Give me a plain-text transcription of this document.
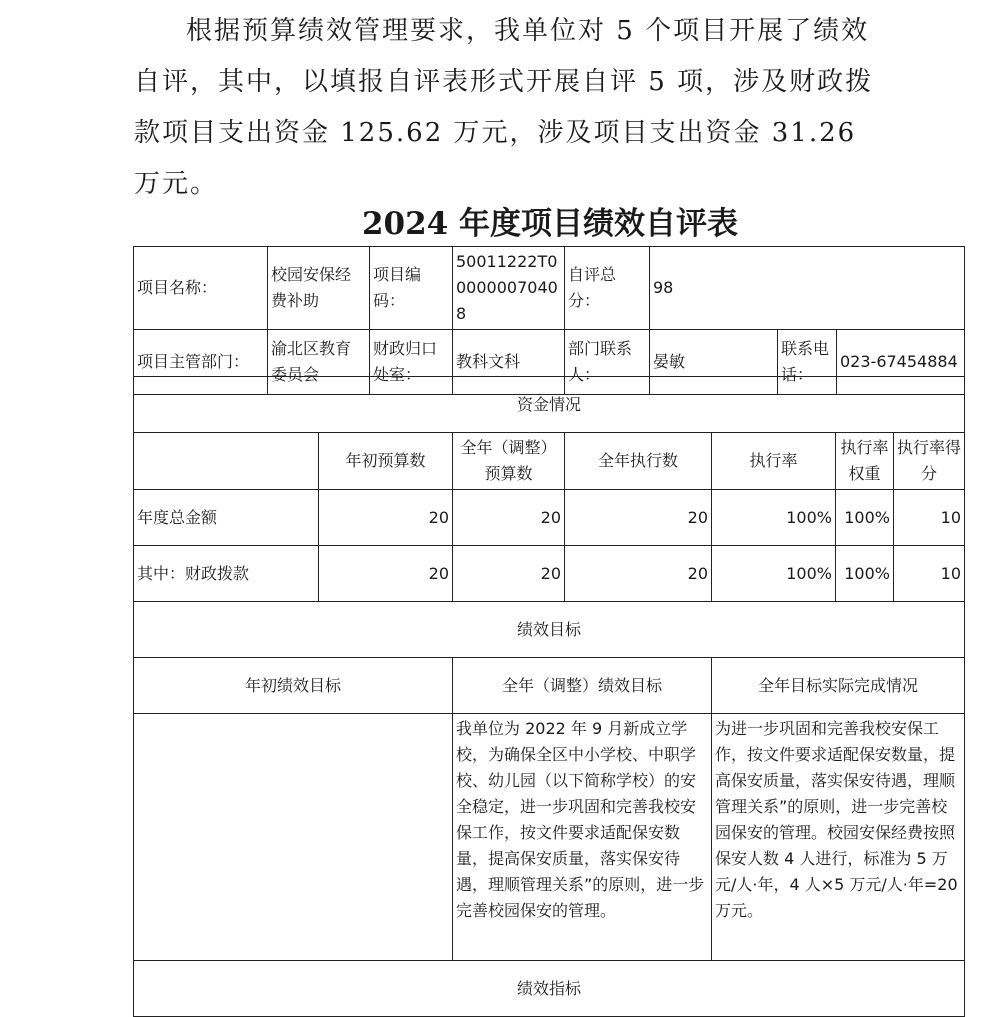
根据预算绩效管理要求，我单位对 5 个项目开展了绩效自评，其中，以填报自评表形式开展自评 5 项，涉及财政拨款项目支出资金 125.62 万元，涉及项目支出资金 31.26 万元。

2024 年度项目绩效自评表
项目名称：	校园安保经费补助	项目编码：	50011222T000000070408	自评总分：	98		
项目主管部门：	渝北区教育委员会	财政归口处室：	教科文科	部门联系人：	晏敏	联系电话：	023-67454884
资金情况						
	年初预算数	全年（调整）预算数	全年执行数	执行率	执行率权重	执行率得分
年度总金额	20	20	20	100%	100%	10
其中：财政拨款	20	20	20	100%	100%	10
绩效目标						
年初绩效目标		全年（调整）绩效目标		全年目标实际完成情况		
		我单位为 2022 年 9 月新成立学校，为确保全区中小学校、中职学校、幼儿园（以下简称学校）的安全稳定，进一步巩固和完善我校安保工作，按文件要求适配保安数量，提高保安质量，落实保安待遇，理顺管理关系”的原则，进一步完善校园保安的管理。		为进一步巩固和完善我校安保工作，按文件要求适配保安数量，提高保安质量，落实保安待遇，理顺管理关系”的原则，进一步完善校园保安的管理。校园安保经费按照保安人数 4 人进行，标准为 5 万元/人·年，4 人×5 万元/人·年=20 万元。		
绩效指标						
